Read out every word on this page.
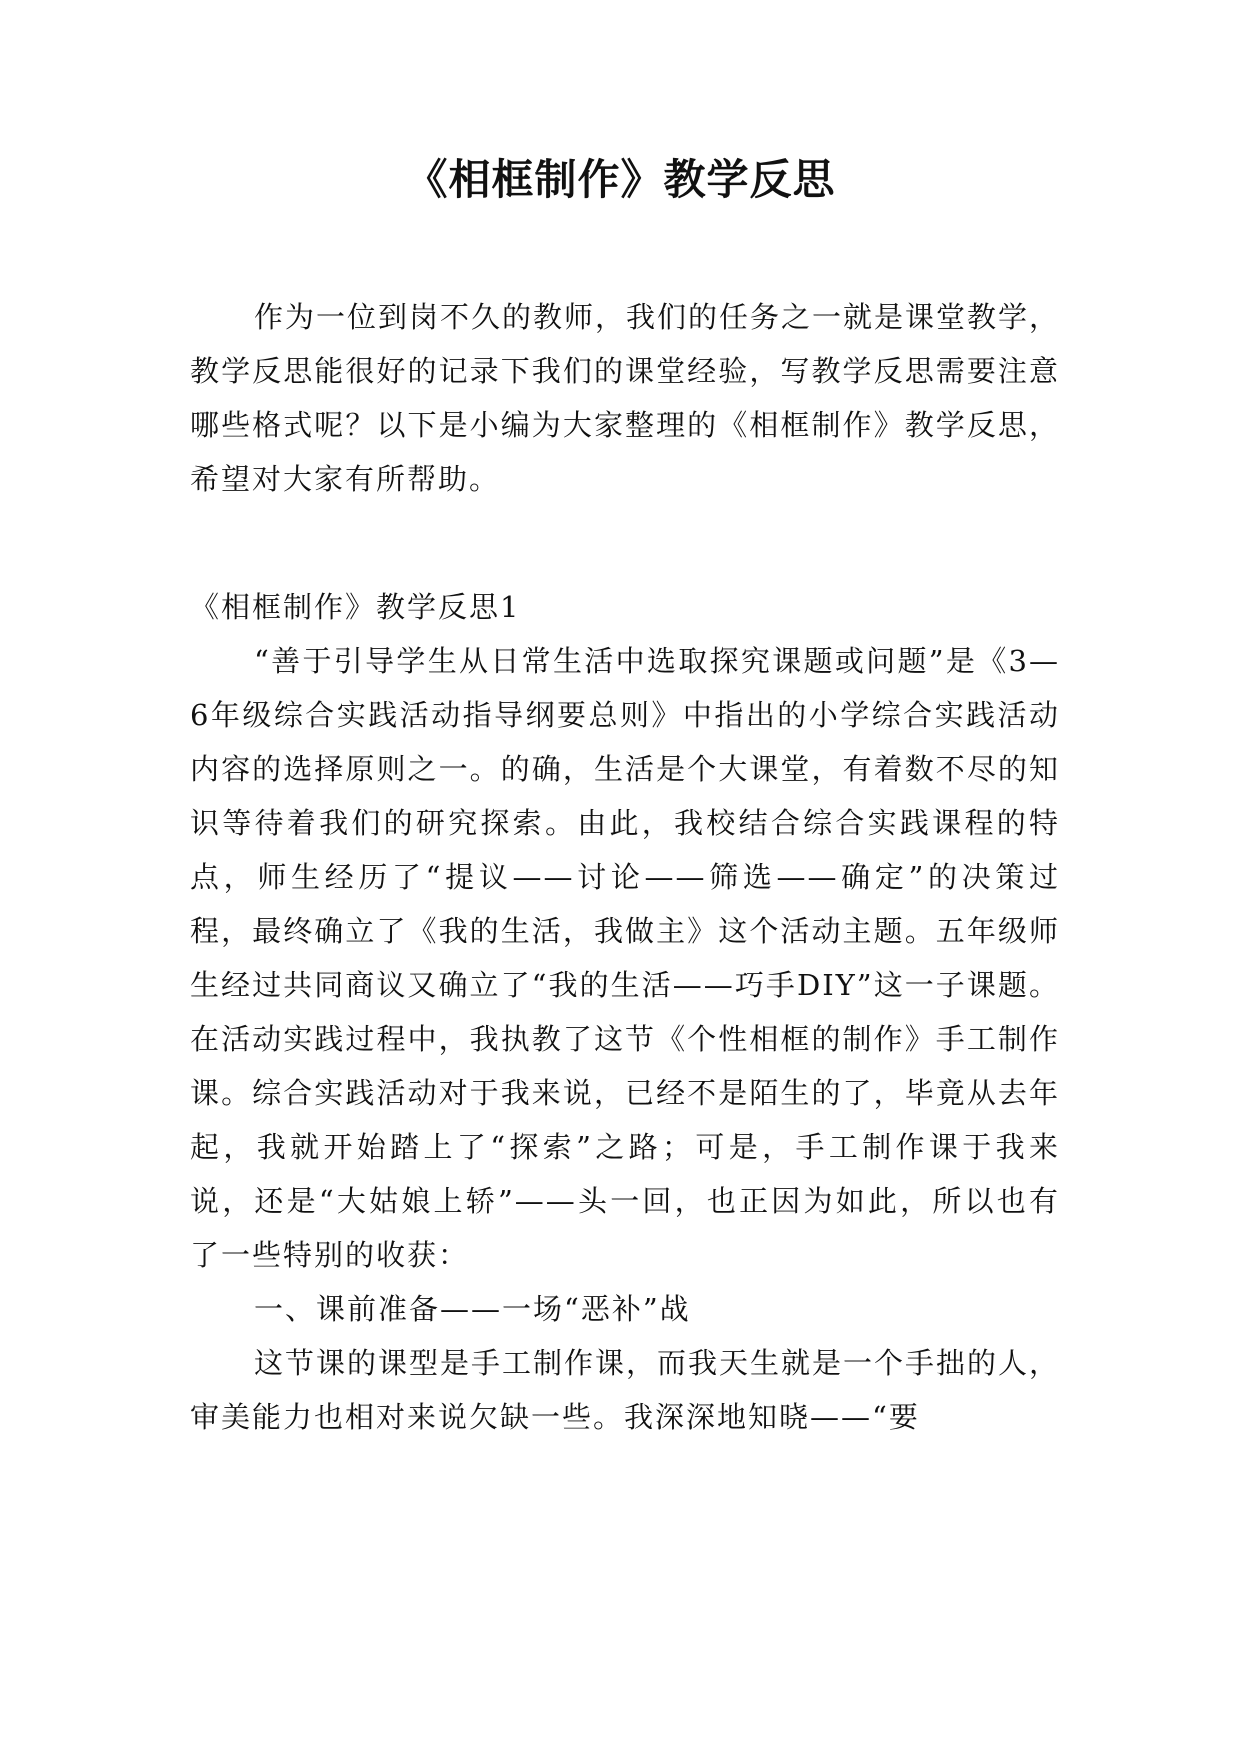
《相框制作》教学反思

作为一位到岗不久的教师，我们的任务之一就是课堂教学，教学反思能很好的记录下我们的课堂经验，写教学反思需要注意哪些格式呢？以下是小编为大家整理的《相框制作》教学反思，希望对大家有所帮助。

《相框制作》教学反思1

“善于引导学生从日常生活中选取探究课题或问题”是《3—6年级综合实践活动指导纲要总则》中指出的小学综合实践活动内容的选择原则之一。的确，生活是个大课堂，有着数不尽的知识等待着我们的研究探索。由此，我校结合综合实践课程的特点，师生经历了“提议——讨论——筛选——确定”的决策过程，最终确立了《我的生活，我做主》这个活动主题。五年级师生经过共同商议又确立了“我的生活——巧手DIY”这一子课题。在活动实践过程中，我执教了这节《个性相框的制作》手工制作课。综合实践活动对于我来说，已经不是陌生的了，毕竟从去年起，我就开始踏上了“探索”之路；可是，手工制作课于我来说，还是“大姑娘上轿”——头一回，也正因为如此，所以也有了一些特别的收获：

一、课前准备——一场“恶补”战

这节课的课型是手工制作课，而我天生就是一个手拙的人，审美能力也相对来说欠缺一些。我深深地知晓——“要
